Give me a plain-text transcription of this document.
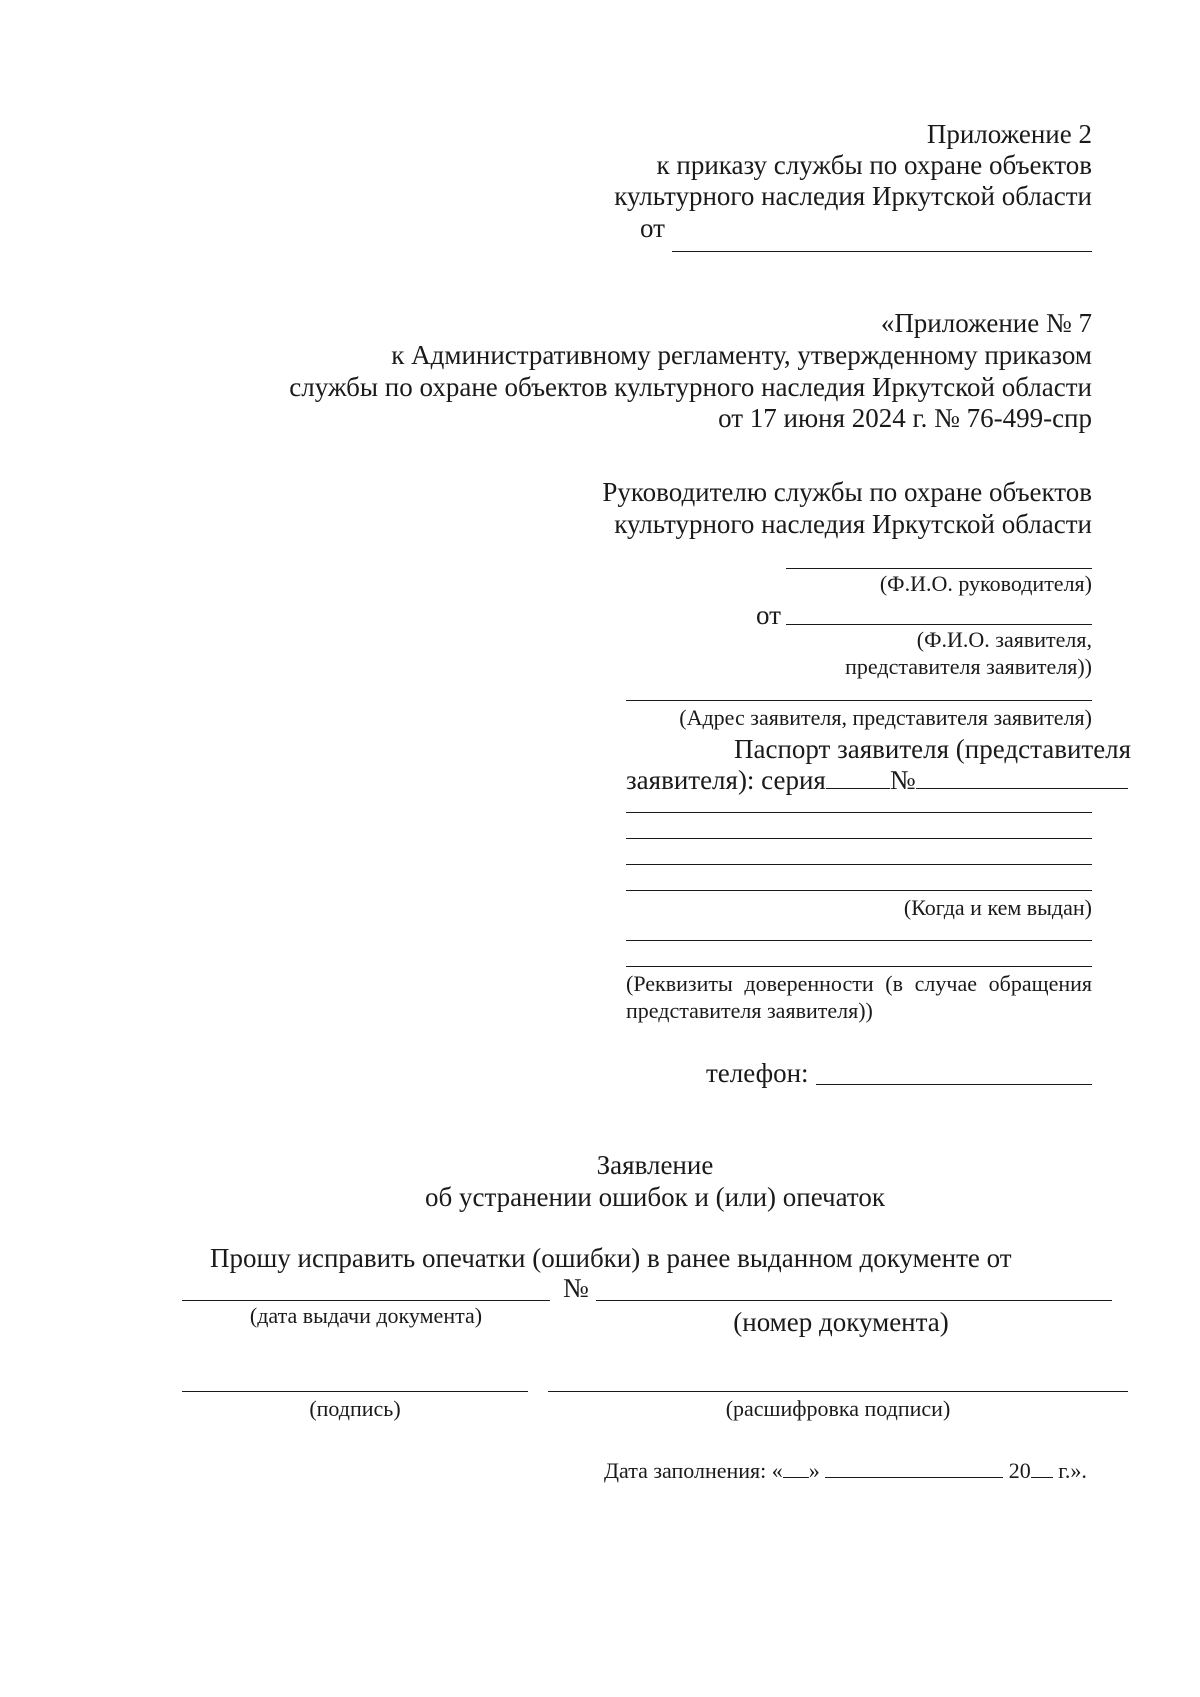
Приложение 2
к приказу службы по охране объектов
культурного наследия Иркутской области
от
«Приложение № 7
к Административному регламенту, утвержденному приказом
службы по охране объектов культурного наследия Иркутской области
от 17 июня 2024 г. № 76-499-спр
Руководителю службы по охране объектов
культурного наследия Иркутской области
(Ф.И.О. руководителя)
от
(Ф.И.О. заявителя,
представителя заявителя))
(Адрес заявителя, представителя заявителя)
Паспорт заявителя (представителя
заявителя): серия №
(Когда и кем выдан)
(Реквизиты доверенности (в случае обращения
представителя заявителя))
телефон:
Заявление
об устранении ошибок и (или) опечаток
Прошу исправить опечатки (ошибки) в ранее выданном документе от
№
(дата выдачи документа)	(номер документа)
(подпись)	(расшифровка подписи)
Дата заполнения: « »	20 г.».
